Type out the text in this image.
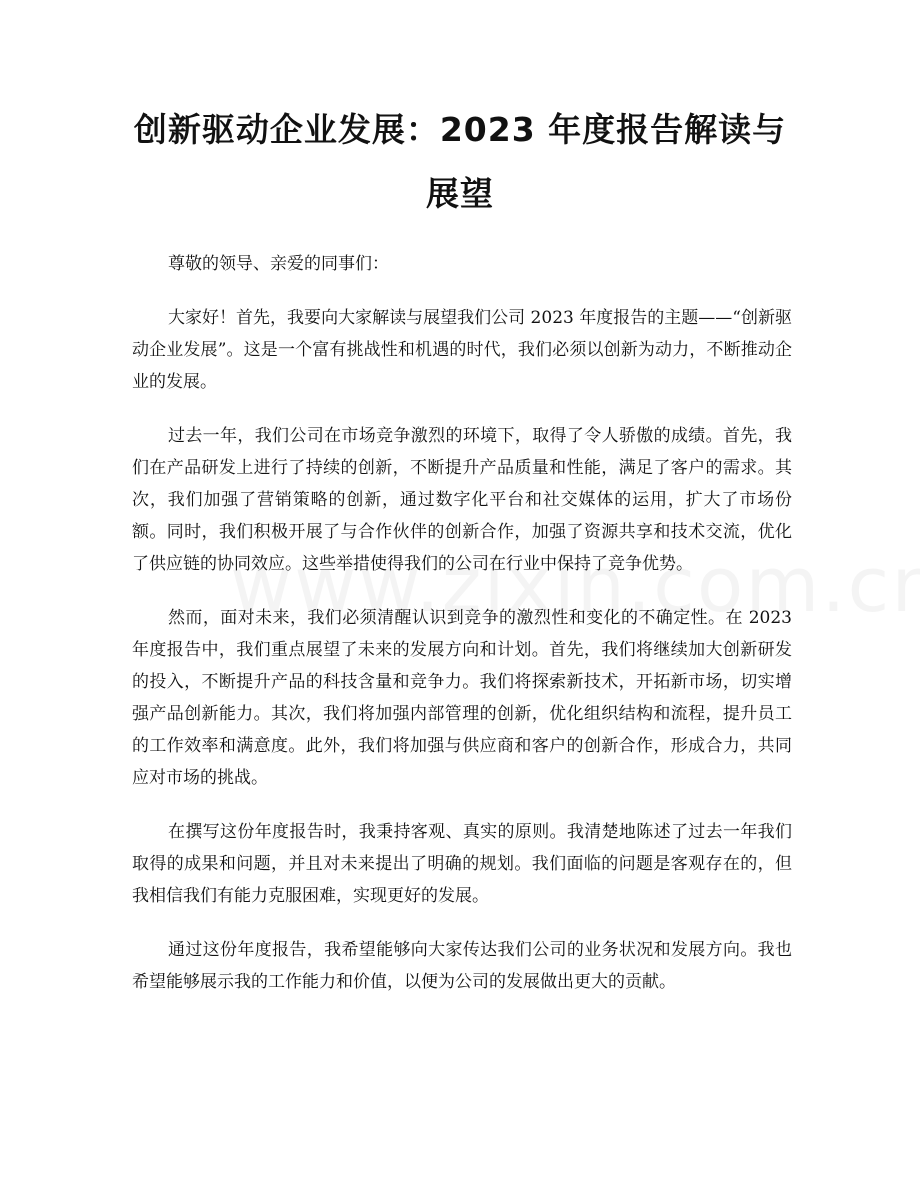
创新驱动企业发展：2023 年度报告解读与展望

尊敬的领导、亲爱的同事们：

大家好！首先，我要向大家解读与展望我们公司 2023 年度报告的主题——“创新驱动企业发展”。这是一个富有挑战性和机遇的时代，我们必须以创新为动力，不断推动企业的发展。

过去一年，我们公司在市场竞争激烈的环境下，取得了令人骄傲的成绩。首先，我们在产品研发上进行了持续的创新，不断提升产品质量和性能，满足了客户的需求。其次，我们加强了营销策略的创新，通过数字化平台和社交媒体的运用，扩大了市场份额。同时，我们积极开展了与合作伙伴的创新合作，加强了资源共享和技术交流，优化了供应链的协同效应。这些举措使得我们的公司在行业中保持了竞争优势。

然而，面对未来，我们必须清醒认识到竞争的激烈性和变化的不确定性。在 2023 年度报告中，我们重点展望了未来的发展方向和计划。首先，我们将继续加大创新研发的投入，不断提升产品的科技含量和竞争力。我们将探索新技术，开拓新市场，切实增强产品创新能力。其次，我们将加强内部管理的创新，优化组织结构和流程，提升员工的工作效率和满意度。此外，我们将加强与供应商和客户的创新合作，形成合力，共同应对市场的挑战。

在撰写这份年度报告时，我秉持客观、真实的原则。我清楚地陈述了过去一年我们取得的成果和问题，并且对未来提出了明确的规划。我们面临的问题是客观存在的，但我相信我们有能力克服困难，实现更好的发展。

通过这份年度报告，我希望能够向大家传达我们公司的业务状况和发展方向。我也希望能够展示我的工作能力和价值，以便为公司的发展做出更大的贡献。
